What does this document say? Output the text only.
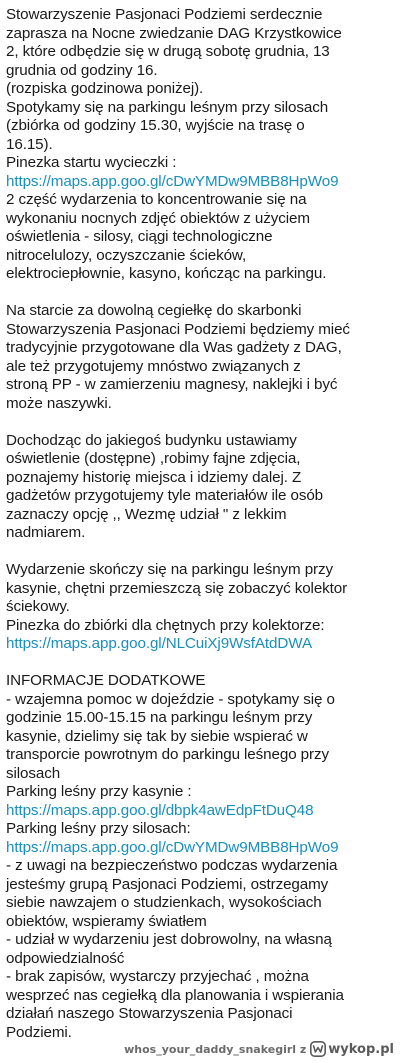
Stowarzyszenie Pasjonaci Podziemi serdecznie
zaprasza na Nocne zwiedzanie DAG Krzystkowice
2, które odbędzie się w drugą sobotę grudnia, 13
grudnia od godziny 16.
(rozpiska godzinowa poniżej).
Spotykamy się na parkingu leśnym przy silosach
(zbiórka od godziny 15.30, wyjście na trasę o
16.15).
Pinezka startu wycieczki :
https://maps.app.goo.gl/cDwYMDw9MBB8HpWo9
2 część wydarzenia to koncentrowanie się na
wykonaniu nocnych zdjęć obiektów z użyciem
oświetlenia - silosy, ciągi technologiczne
nitrocelulozy, oczyszczanie ścieków,
elektrociepłownie, kasyno, kończąc na parkingu.
Na starcie za dowolną cegiełkę do skarbonki
Stowarzyszenia Pasjonaci Podziemi będziemy mieć
tradycyjnie przygotowane dla Was gadżety z DAG,
ale też przygotujemy mnóstwo związanych z
stroną PP - w zamierzeniu magnesy, naklejki i być
może naszywki.
Dochodząc do jakiegoś budynku ustawiamy
oświetlenie (dostępne) ,robimy fajne zdjęcia,
poznajemy historię miejsca i idziemy dalej. Z
gadżetów przygotujemy tyle materiałów ile osób
zaznaczy opcję ,, Wezmę udział " z lekkim
nadmiarem.
Wydarzenie skończy się na parkingu leśnym przy
kasynie, chętni przemieszczą się zobaczyć kolektor
ściekowy.
Pinezka do zbiórki dla chętnych przy kolektorze:
https://maps.app.goo.gl/NLCuiXj9WsfAtdDWA
INFORMACJE DODATKOWE
- wzajemna pomoc w dojeździe - spotykamy się o
godzinie 15.00-15.15 na parkingu leśnym przy
kasynie, dzielimy się tak by siebie wspierać w
transporcie powrotnym do parkingu leśnego przy
silosach
Parking leśny przy kasynie :
https://maps.app.goo.gl/dbpk4awEdpFtDuQ48
Parking leśny przy silosach:
https://maps.app.goo.gl/cDwYMDw9MBB8HpWo9
- z uwagi na bezpieczeństwo podczas wydarzenia
jesteśmy grupą Pasjonaci Podziemi, ostrzegamy
siebie nawzajem o studzienkach, wysokościach
obiektów, wspieramy światłem
- udział w wydarzeniu jest dobrowolny, na własną
odpowiedzialność
- brak zapisów, wystarczy przyjechać , można
wesprzeć nas cegiełką dla planowania i wspierania
działań naszego Stowarzyszenia Pasjonaci
Podziemi.
whos_your_daddy_snakegirl z wykop.pl
